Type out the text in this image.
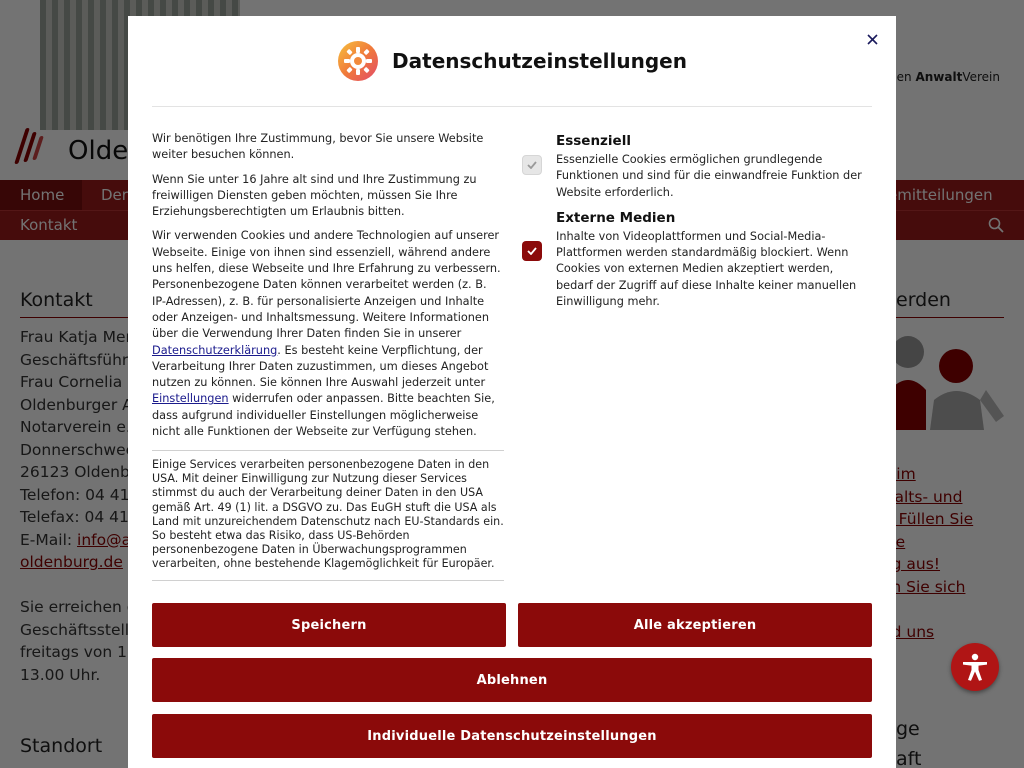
Datenschutzeinstellungen

Wir benötigen Ihre Zustimmung, bevor Sie unsere Website weiter besuchen können.

Wenn Sie unter 16 Jahre alt sind und Ihre Zustimmung zu freiwilligen Diensten geben möchten, müssen Sie Ihre Erziehungsberechtigten um Erlaubnis bitten.

Wir verwenden Cookies und andere Technologien auf unserer Webseite. Einige von ihnen sind essenziell, während andere uns helfen, diese Webseite und Ihre Erfahrung zu verbessern. Personenbezogene Daten können verarbeitet werden (z. B. IP-Adressen), z. B. für personalisierte Anzeigen und Inhalte oder Anzeigen- und Inhaltsmessung. Weitere Informationen über die Verwendung Ihrer Daten finden Sie in unserer Datenschutzerklärung. Es besteht keine Verpflichtung, der Verarbeitung Ihrer Daten zuzustimmen, um dieses Angebot nutzen zu können. Sie können Ihre Auswahl jederzeit unter Einstellungen widerrufen oder anpassen. Bitte beachten Sie, dass aufgrund individueller Einstellungen möglicherweise nicht alle Funktionen der Webseite zur Verfügung stehen.

Einige Services verarbeiten personenbezogene Daten in den USA. Mit deiner Einwilligung zur Nutzung dieser Services stimmst du auch der Verarbeitung deiner Daten in den USA gemäß Art. 49 (1) lit. a DSGVO zu. Das EuGH stuft die USA als Land mit unzureichendem Datenschutz nach EU-Standards ein. So besteht etwa das Risiko, dass US-Behörden personenbezogene Daten in Überwachungsprogrammen verarbeiten, ohne bestehende Klagemöglichkeit für Europäer.
Essenziell
Essenzielle Cookies ermöglichen grundlegende Funktionen und sind für die einwandfreie Funktion der Website erforderlich.
Externe Medien
Inhalte von Videoplattformen und Social-Media-Plattformen werden standardmäßig blockiert. Wenn Cookies von externen Medien akzeptiert werden, bedarf der Zugriff auf diese Inhalte keiner manuellen Einwilligung mehr.
Speichern	Alle akzeptieren
Ablehnen
Individuelle Datenschutzeinstellungen
